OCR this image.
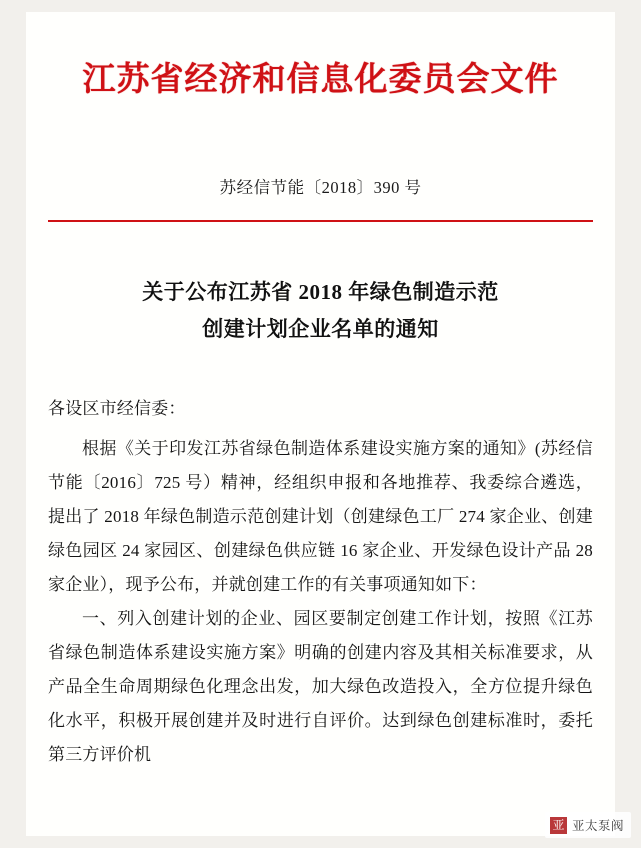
江苏省经济和信息化委员会文件
苏经信节能〔2018〕390 号
关于公布江苏省 2018 年绿色制造示范
创建计划企业名单的通知

各设区市经信委：

根据《关于印发江苏省绿色制造体系建设实施方案的通知》(苏经信节能〔2016〕725 号）精神，经组织申报和各地推荐、我委综合遴选，提出了 2018 年绿色制造示范创建计划（创建绿色工厂 274 家企业、创建绿色园区 24 家园区、创建绿色供应链 16 家企业、开发绿色设计产品 28 家企业），现予公布，并就创建工作的有关事项通知如下：

一、列入创建计划的企业、园区要制定创建工作计划，按照《江苏省绿色制造体系建设实施方案》明确的创建内容及其相关标准要求，从产品全生命周期绿色化理念出发，加大绿色改造投入，全方位提升绿色化水平，积极开展创建并及时进行自评价。达到绿色创建标准时，委托第三方评价机

亚 亚太泵阀
